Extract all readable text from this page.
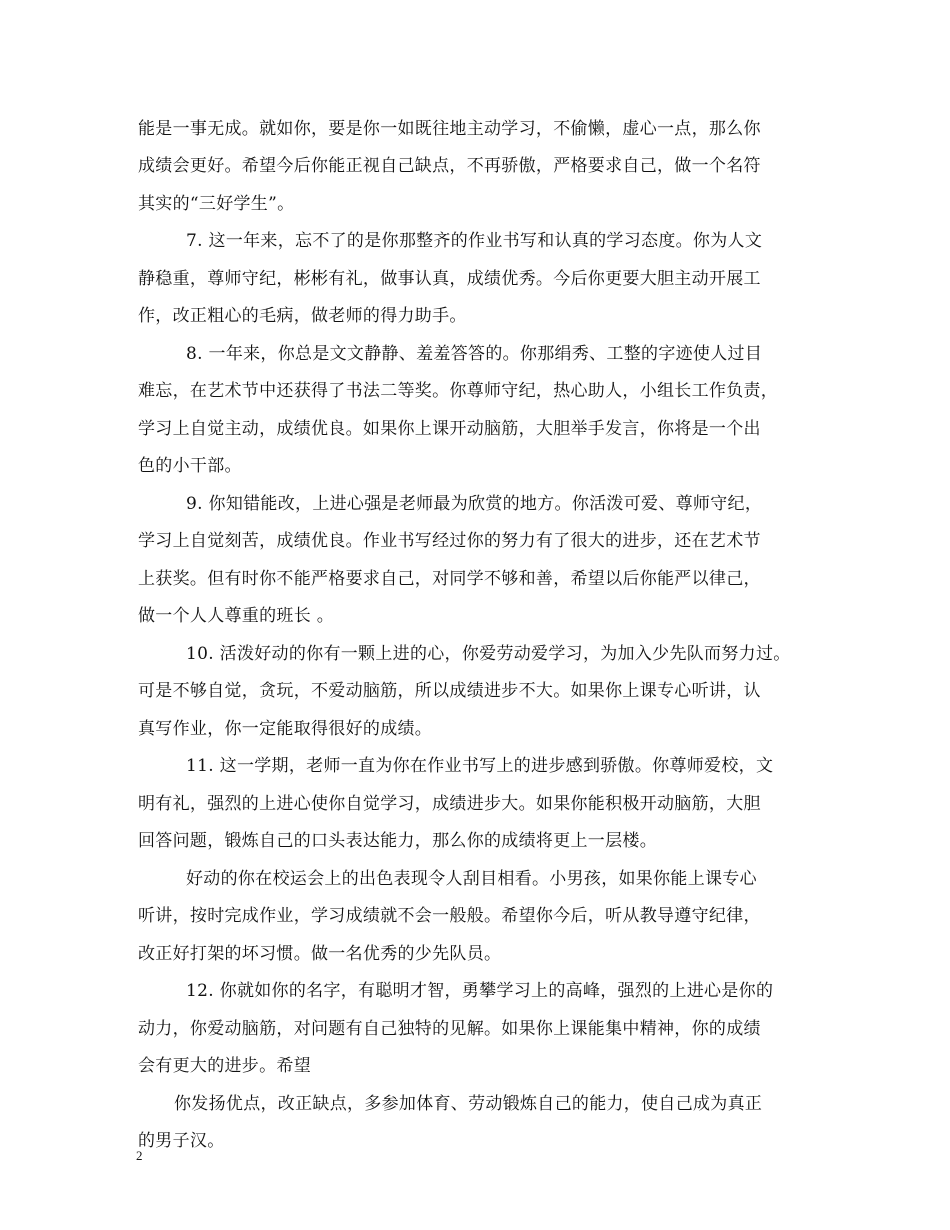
能是一事无成。就如你，要是你一如既往地主动学习，不偷懒，虚心一点，那么你
成绩会更好。希望今后你能正视自己缺点，不再骄傲，严格要求自己，做一个名符
其实的“三好学生”。
7. 这一年来，忘不了的是你那整齐的作业书写和认真的学习态度。你为人文
静稳重，尊师守纪，彬彬有礼，做事认真，成绩优秀。今后你更要大胆主动开展工
作，改正粗心的毛病，做老师的得力助手。
8. 一年来，你总是文文静静、羞羞答答的。你那绢秀、工整的字迹使人过目
难忘，在艺术节中还获得了书法二等奖。你尊师守纪，热心助人，小组长工作负责，
学习上自觉主动，成绩优良。如果你上课开动脑筋，大胆举手发言，你将是一个出
色的小干部。
9. 你知错能改，上进心强是老师最为欣赏的地方。你活泼可爱、尊师守纪，
学习上自觉刻苦，成绩优良。作业书写经过你的努力有了很大的进步，还在艺术节
上获奖。但有时你不能严格要求自己，对同学不够和善，希望以后你能严以律己，
做一个人人尊重的班长 。
10. 活泼好动的你有一颗上进的心，你爱劳动爱学习，为加入少先队而努力过。
可是不够自觉，贪玩，不爱动脑筋，所以成绩进步不大。如果你上课专心听讲，认
真写作业，你一定能取得很好的成绩。
11. 这一学期，老师一直为你在作业书写上的进步感到骄傲。你尊师爱校，文
明有礼，强烈的上进心使你自觉学习，成绩进步大。如果你能积极开动脑筋，大胆
回答问题，锻炼自己的口头表达能力，那么你的成绩将更上一层楼。
好动的你在校运会上的出色表现令人刮目相看。小男孩，如果你能上课专心
听讲，按时完成作业，学习成绩就不会一般般。希望你今后，听从教导遵守纪律，
改正好打架的坏习惯。做一名优秀的少先队员。
12. 你就如你的名字，有聪明才智，勇攀学习上的高峰，强烈的上进心是你的
动力，你爱动脑筋，对问题有自己独特的见解。如果你上课能集中精神，你的成绩
会有更大的进步。希望
你发扬优点，改正缺点，多参加体育、劳动锻炼自己的能力，使自己成为真正
的男子汉。
2
